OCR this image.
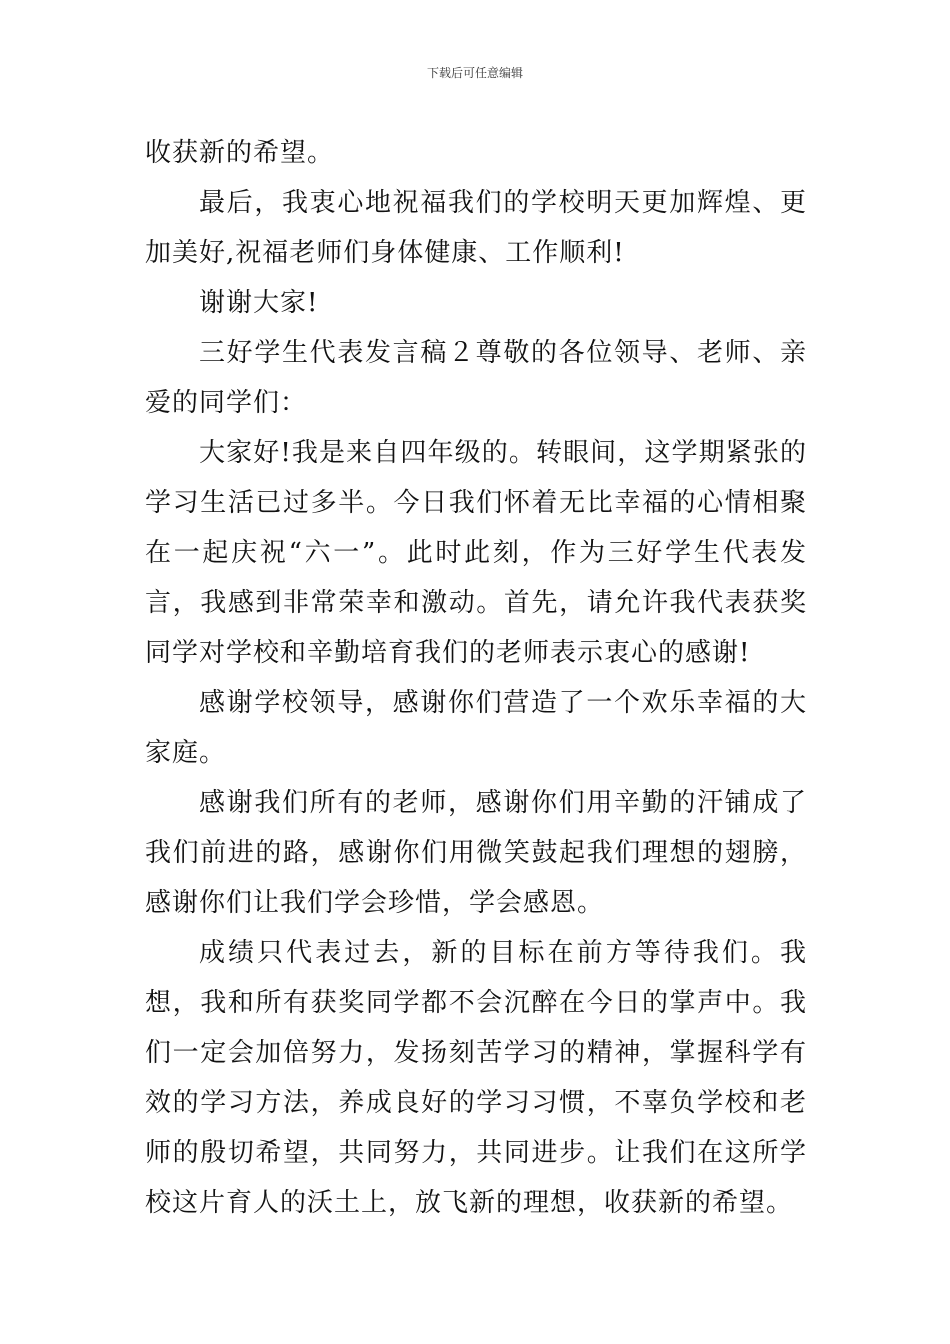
下载后可任意编辑

收获新的希望。

最后，我衷心地祝福我们的学校明天更加辉煌、更加美好,祝福老师们身体健康、工作顺利!

谢谢大家!

三好学生代表发言稿２尊敬的各位领导、老师、亲爱的同学们：

大家好!我是来自四年级的。转眼间，这学期紧张的学习生活已过多半。今日我们怀着无比幸福的心情相聚在一起庆祝“六一”。此时此刻，作为三好学生代表发言，我感到非常荣幸和激动。首先，请允许我代表获奖同学对学校和辛勤培育我们的老师表示衷心的感谢!

感谢学校领导，感谢你们营造了一个欢乐幸福的大家庭。

感谢我们所有的老师，感谢你们用辛勤的汗铺成了我们前进的路，感谢你们用微笑鼓起我们理想的翅膀，感谢你们让我们学会珍惜，学会感恩。

成绩只代表过去，新的目标在前方等待我们。我想，我和所有获奖同学都不会沉醉在今日的掌声中。我们一定会加倍努力，发扬刻苦学习的精神，掌握科学有效的学习方法，养成良好的学习习惯，不辜负学校和老师的殷切希望，共同努力，共同进步。让我们在这所学校这片育人的沃土上，放飞新的理想，收获新的希望。
